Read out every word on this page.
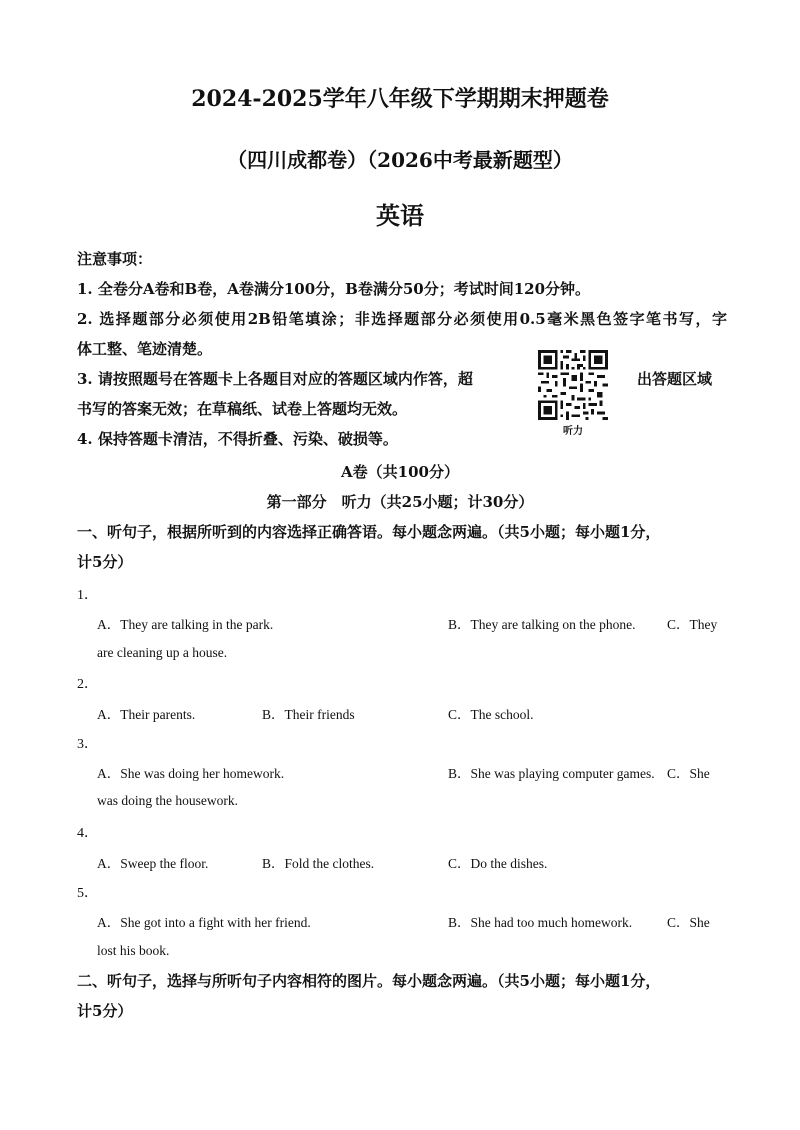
2024-2025学年八年级下学期期末押题卷
（四川成都卷）（2026中考最新题型）
英语
注意事项：
1. 全卷分A卷和B卷，A卷满分100分，B卷满分50分；考试时间120分钟。
2. 选择题部分必须使用2B铅笔填涂；非选择题部分必须使用0.5毫米黑色签字笔书写，字
体工整、笔迹清楚。
3. 请按照题号在答题卡上各题目对应的答题区域内作答，超	出答题区域
书写的答案无效；在草稿纸、试卷上答题均无效。
4. 保持答题卡清洁，不得折叠、污染、破损等。	听力
A卷（共100分）
第一部分　听力（共25小题；计30分）
一、听句子，根据所听到的内容选择正确答语。每小题念两遍。（共5小题；每小题1分，
计5分）
1．
A．They are talking in the park.	B．They are talking on the phone. C．They
are cleaning up a house.
2．
A．Their parents.	B．Their friends	C．The school.
3．
A．She was doing her homework.	B．She was playing computer games. C．She
was doing the housework.
4．
A．Sweep the floor.	B．Fold the clothes.	C．Do the dishes.
5．
A．She got into a fight with her friend.	B．She had too much homework.	C．She
lost his book.
二、听句子，选择与所听句子内容相符的图片。每小题念两遍。（共5小题；每小题1分，
计5分）
